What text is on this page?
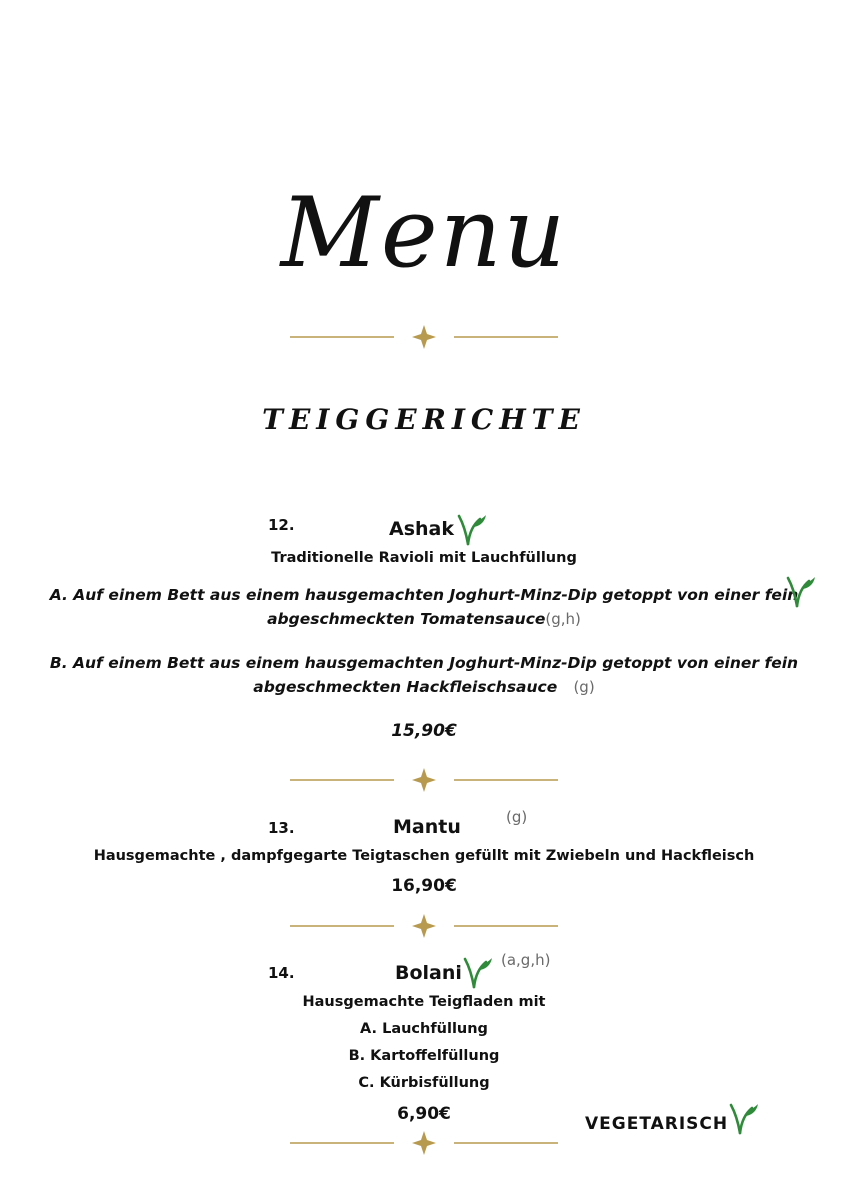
Menu
TEIGGERICHTE
12.	Ashak
Traditionelle Ravioli mit Lauchfüllung
A. Auf einem Bett aus einem hausgemachten Joghurt-Minz-Dip getoppt von einer fein
abgeschmeckten Tomatensauce(g,h)
B. Auf einem Bett aus einem hausgemachten Joghurt-Minz-Dip getoppt von einer fein
abgeschmeckten Hackfleischsauce (g)
15,90€
13.	Mantu	(g)
Hausgemachte , dampfgegarte Teigtaschen gefüllt mit Zwiebeln und Hackfleisch
16,90€
14.	Bolani
(a,g,h)
Hausgemachte Teigfladen mit
A. Lauchfüllung
B. Kartoffelfüllung
C. Kürbisfüllung
6,90€	VEGETARISCH
